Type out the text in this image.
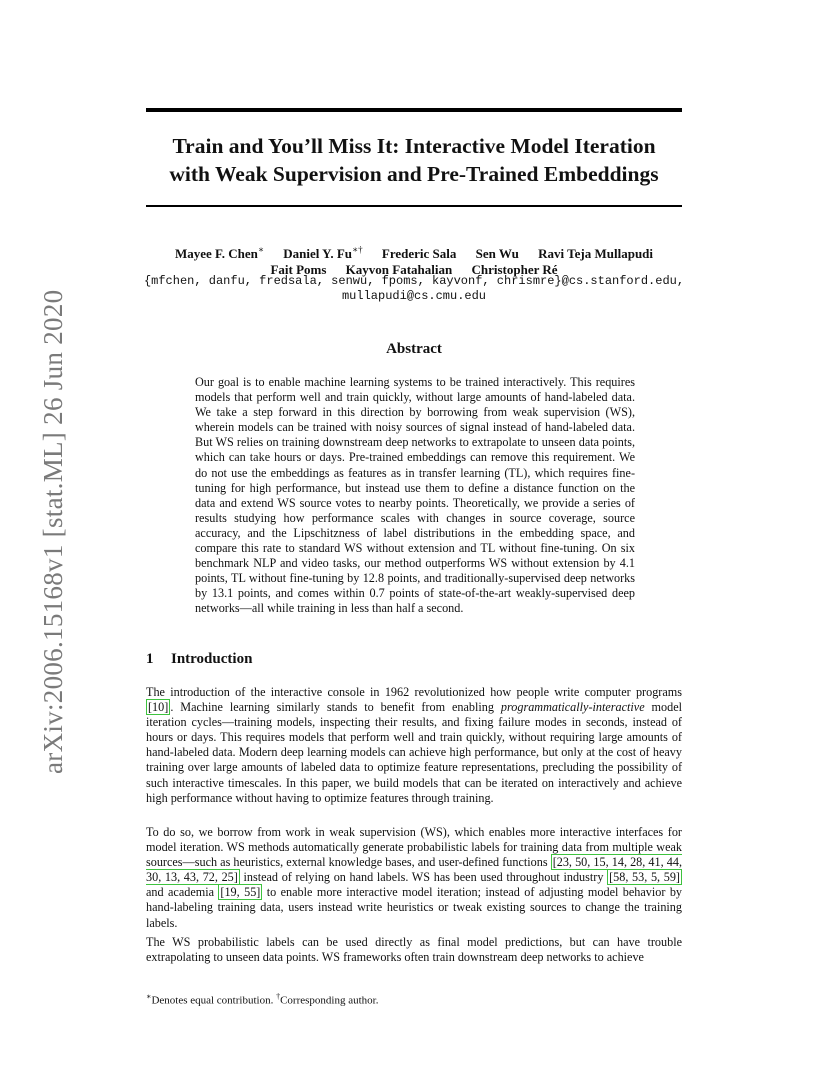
arXiv:2006.15168v1 [stat.ML] 26 Jun 2020
Train and You’ll Miss It: Interactive Model Iteration
with Weak Supervision and Pre-Trained Embeddings
Mayee F. Chen∗ Daniel Y. Fu∗† Frederic Sala Sen Wu Ravi Teja Mullapudi
Fait Poms Kayvon Fatahalian Christopher Ré
{mfchen, danfu, fredsala, senwu, fpoms, kayvonf, chrismre}@cs.stanford.edu,
mullapudi@cs.cmu.edu
Abstract

Our goal is to enable machine learning systems to be trained interactively. This requires models that perform well and train quickly, without large amounts of hand-labeled data. We take a step forward in this direction by borrowing from weak supervision (WS), wherein models can be trained with noisy sources of signal instead of hand-labeled data. But WS relies on training downstream deep networks to extrapolate to unseen data points, which can take hours or days. Pre-trained embeddings can remove this requirement. We do not use the embeddings as features as in transfer learning (TL), which requires fine-tuning for high performance, but instead use them to define a distance function on the data and extend WS source votes to nearby points. Theoretically, we provide a series of results studying how performance scales with changes in source coverage, source accuracy, and the Lipschitzness of label distributions in the embedding space, and compare this rate to standard WS without extension and TL without fine-tuning. On six benchmark NLP and video tasks, our method outperforms WS without extension by 4.1 points, TL without fine-tuning by 12.8 points, and traditionally-supervised deep networks by 13.1 points, and comes within 0.7 points of state-of-the-art weakly-supervised deep networks—all while training in less than half a second.

1 Introduction

The introduction of the interactive console in 1962 revolutionized how people write computer programs [10] . Machine learning similarly stands to benefit from enabling programmatically-interactive model iteration cycles—training models, inspecting their results, and fixing failure modes in seconds, instead of hours or days. This requires models that perform well and train quickly, without requiring large amounts of hand-labeled data. Modern deep learning models can achieve high performance, but only at the cost of heavy training over large amounts of labeled data to optimize feature representations, precluding the possibility of such interactive timescales. In this paper, we build models that can be iterated on interactively and achieve high performance without having to optimize features through training.

To do so, we borrow from work in weak supervision (WS), which enables more interactive interfaces for model iteration. WS methods automatically generate probabilistic labels for training data from multiple weak sources—such as heuristics, external knowledge bases, and user-defined functions [23, 50, 15, 14, 28, 41, 44, 30, 13, 43, 72, 25] instead of relying on hand labels. WS has been used throughout industry [58, 53, 5, 59] and academia [19, 55] to enable more interactive model iteration; instead of adjusting model behavior by hand-labeling training data, users instead write heuristics or tweak existing sources to change the training labels.

The WS probabilistic labels can be used directly as final model predictions, but can have trouble extrapolating to unseen data points. WS frameworks often train downstream deep networks to achieve

∗Denotes equal contribution. †Corresponding author.
